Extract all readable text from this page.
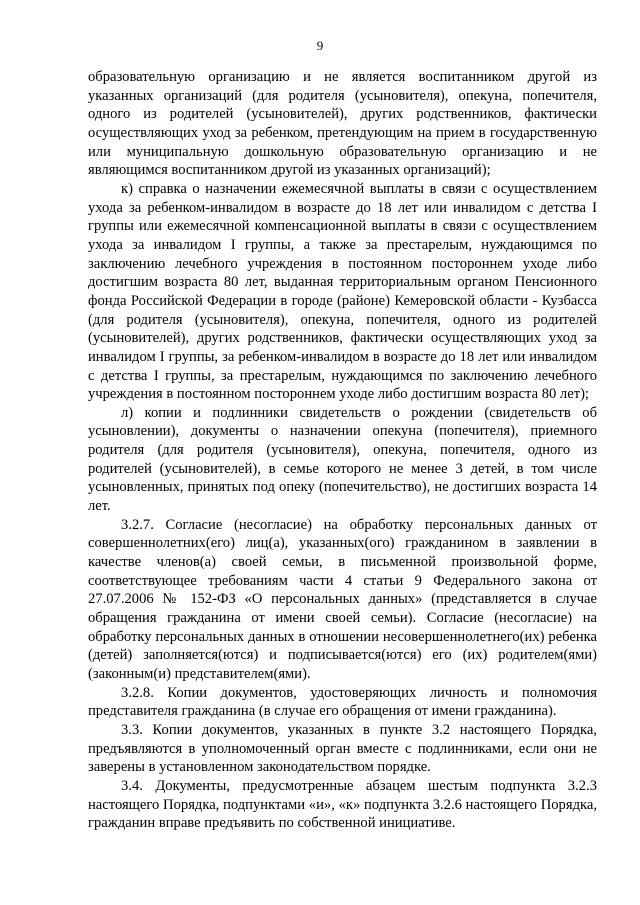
9

образовательную организацию и не является воспитанником другой из указанных организаций (для родителя (усыновителя), опекуна, попечителя, одного из родителей (усыновителей), других родственников, фактически осуществляющих уход за ребенком, претендующим на прием в государственную или муниципальную дошкольную образовательную организацию и не являющимся воспитанником другой из указанных организаций);

к) справка о назначении ежемесячной выплаты в связи с осуществлением ухода за ребенком-инвалидом в возрасте до 18 лет или инвалидом с детства I группы или ежемесячной компенсационной выплаты в связи с осуществлением ухода за инвалидом I группы, а также за престарелым, нуждающимся по заключению лечебного учреждения в постоянном постороннем уходе либо достигшим возраста 80 лет, выданная территориальным органом Пенсионного фонда Российской Федерации в городе (районе) Кемеровской области - Кузбасса (для родителя (усыновителя), опекуна, попечителя, одного из родителей (усыновителей), других родственников, фактически осуществляющих уход за инвалидом I группы, за ребенком-инвалидом в возрасте до 18 лет или инвалидом с детства I группы, за престарелым, нуждающимся по заключению лечебного учреждения в постоянном постороннем уходе либо достигшим возраста 80 лет);

л) копии и подлинники свидетельств о рождении (свидетельств об усыновлении), документы о назначении опекуна (попечителя), приемного родителя (для родителя (усыновителя), опекуна, попечителя, одного из родителей (усыновителей), в семье которого не менее 3 детей, в том числе усыновленных, принятых под опеку (попечительство), не достигших возраста 14 лет.

3.2.7. Согласие (несогласие) на обработку персональных данных от совершеннолетних(его) лиц(а), указанных(ого) гражданином в заявлении в качестве членов(а) своей семьи, в письменной произвольной форме, соответствующее требованиям части 4 статьи 9 Федерального закона от 27.07.2006 № 152-ФЗ «О персональных данных» (представляется в случае обращения гражданина от имени своей семьи). Согласие (несогласие) на обработку персональных данных в отношении несовершеннолетнего(их) ребенка (детей) заполняется(ются) и подписывается(ются) его (их) родителем(ями) (законным(и) представителем(ями).

3.2.8. Копии документов, удостоверяющих личность и полномочия представителя гражданина (в случае его обращения от имени гражданина).

3.3. Копии документов, указанных в пункте 3.2 настоящего Порядка, предъявляются в уполномоченный орган вместе с подлинниками, если они не заверены в установленном законодательством порядке.

3.4. Документы, предусмотренные абзацем шестым подпункта 3.2.3 настоящего Порядка, подпунктами «и», «к» подпункта 3.2.6 настоящего Порядка, гражданин вправе предъявить по собственной инициативе.
